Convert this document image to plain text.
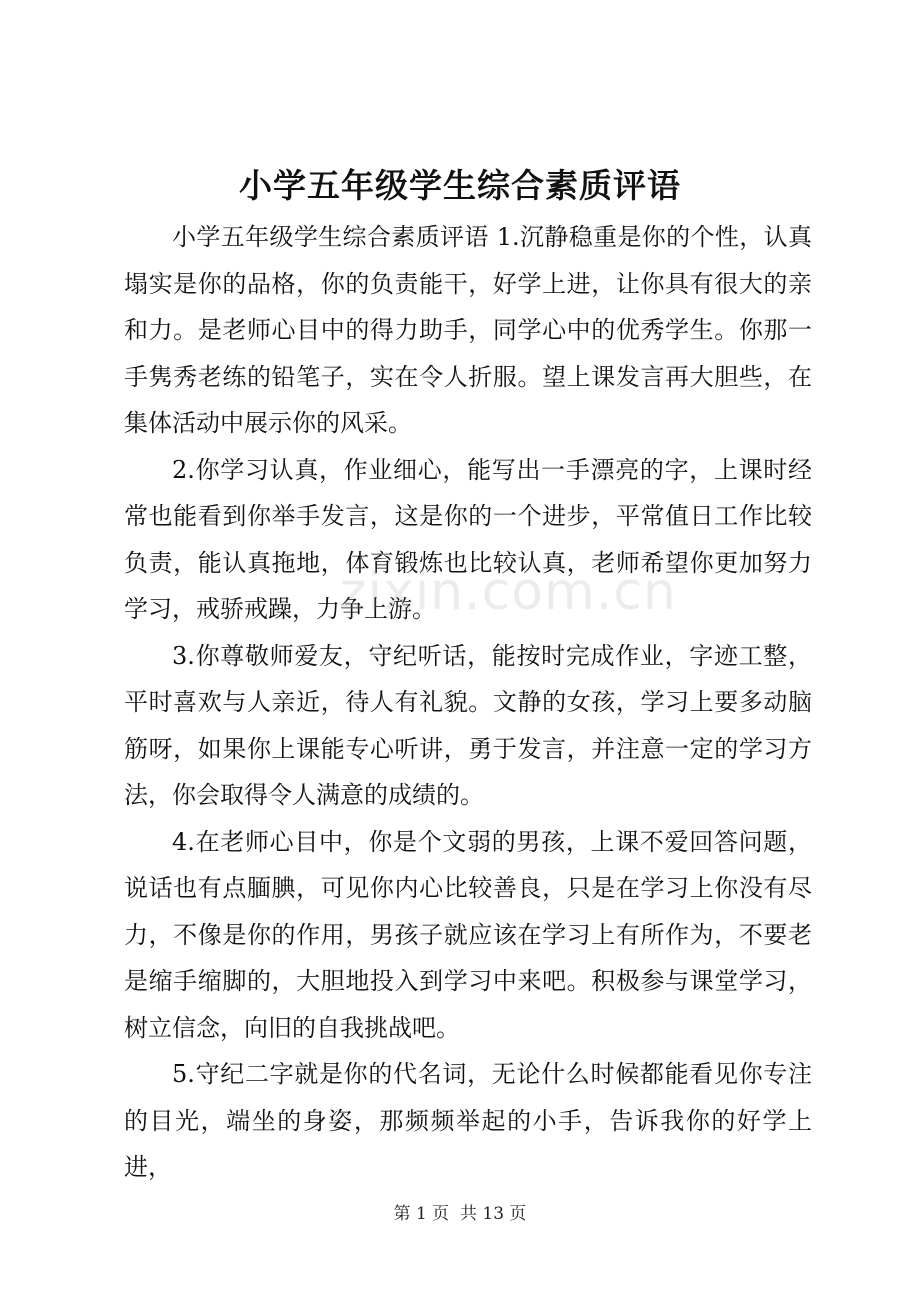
小学五年级学生综合素质评语

小学五年级学生综合素质评语 1.沉静稳重是你的个性，认真塌实是你的品格，你的负责能干，好学上进，让你具有很大的亲和力。是老师心目中的得力助手，同学心中的优秀学生。你那一手隽秀老练的铅笔子，实在令人折服。望上课发言再大胆些，在集体活动中展示你的风采。

2.你学习认真，作业细心，能写出一手漂亮的字，上课时经常也能看到你举手发言，这是你的一个进步，平常值日工作比较负责，能认真拖地，体育锻炼也比较认真，老师希望你更加努力学习，戒骄戒躁，力争上游。

3.你尊敬师爱友，守纪听话，能按时完成作业，字迹工整，平时喜欢与人亲近，待人有礼貌。文静的女孩，学习上要多动脑筋呀，如果你上课能专心听讲，勇于发言，并注意一定的学习方法，你会取得令人满意的成绩的。

4.在老师心目中，你是个文弱的男孩，上课不爱回答问题，说话也有点腼腆，可见你内心比较善良，只是在学习上你没有尽力，不像是你的作用，男孩子就应该在学习上有所作为，不要老是缩手缩脚的，大胆地投入到学习中来吧。积极参与课堂学习，树立信念，向旧的自我挑战吧。

5.守纪二字就是你的代名词，无论什么时候都能看见你专注的目光，端坐的身姿，那频频举起的小手，告诉我你的好学上进，

zixin.com.cn
第 1 页 共 13 页
